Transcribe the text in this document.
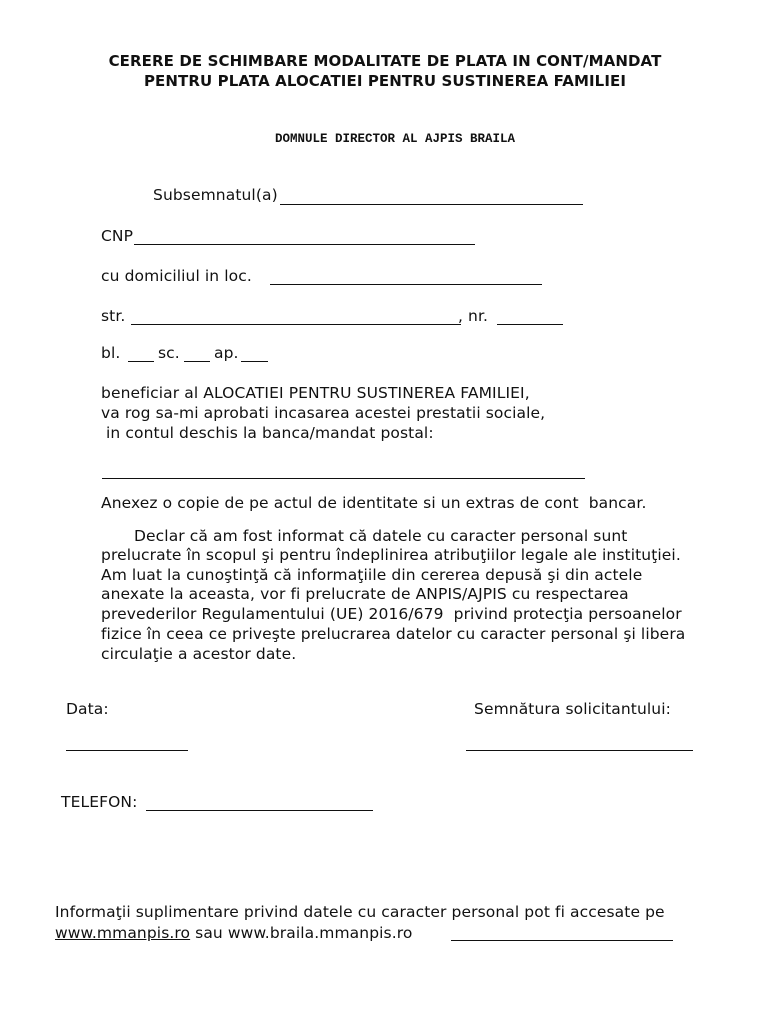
CERERE DE SCHIMBARE MODALITATE DE PLATA IN CONT/MANDAT
PENTRU PLATA ALOCATIEI PENTRU SUSTINEREA FAMILIEI
DOMNULE DIRECTOR AL AJPIS BRAILA
Subsemnatul(a)
CNP
cu domiciliul in loc.
str.	, nr.
bl. sc. ap.
beneficiar al ALOCATIEI PENTRU SUSTINEREA FAMILIEI,
va rog sa-mi aprobati incasarea acestei prestatii sociale,
in contul deschis la banca/mandat postal:
Anexez o copie de pe actul de identitate si un extras de cont  bancar.
Declar că am fost informat că datele cu caracter personal sunt
prelucrate în scopul şi pentru îndeplinirea atribuţiilor legale ale instituţiei.
Am luat la cunoştinţă că informaţiile din cererea depusă şi din actele
anexate la aceasta, vor fi prelucrate de ANPIS/AJPIS cu respectarea
prevederilor Regulamentului (UE) 2016/679  privind protecţia persoanelor
fizice în ceea ce priveşte prelucrarea datelor cu caracter personal şi libera
circulaţie a acestor date.
Data:	Semnătura solicitantului:
TELEFON:
Informaţii suplimentare privind datele cu caracter personal pot fi accesate pe
www.mmanpis.ro sau www.braila.mmanpis.ro
